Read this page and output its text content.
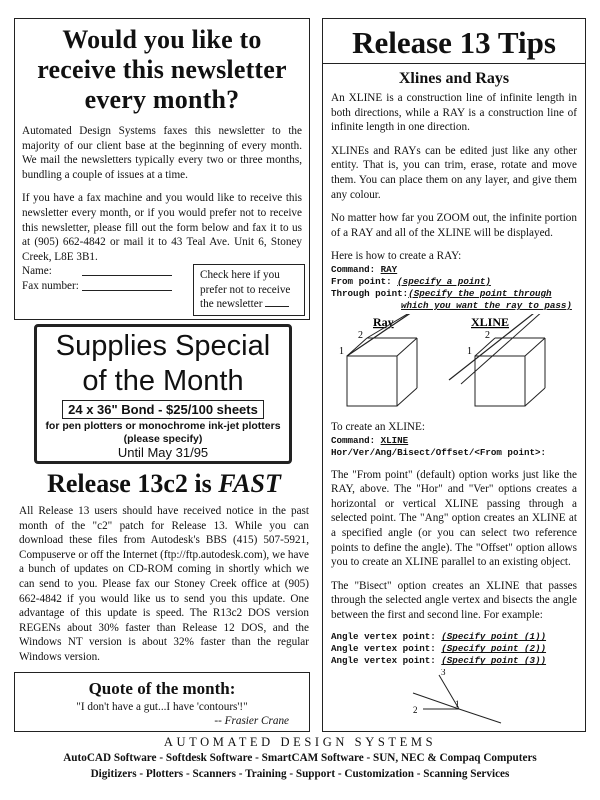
Would you like to
receive this newsletter
every month?
Automated Design Systems faxes this newsletter to the majority of our client base at the beginning of every month. We mail the newsletters typically every two or three months, bundling a couple of issues at a time.
If you have a fax machine and you would like to receive this newsletter every month, or if you would prefer not to receive this newsletter, please fill out the form below and fax it to us at (905) 662-4842 or mail it to 43 Teal Ave. Unit 6, Stoney Creek, L8E 3B1.
Name:
Fax number:
Check here if you prefer not to receive the newsletter
Supplies Special
of the Month
24 x 36" Bond - $25/100 sheets
for pen plotters or monochrome ink-jet plotters
(please specify)
Until May 31/95
Release 13c2 is FAST
All Release 13 users should have received notice in the past month of the "c2" patch for Release 13. While you can download these files from Autodesk's BBS (415) 507-5921, Compuserve or off the Internet (ftp://ftp.autodesk.com), we have a bunch of updates on CD-ROM coming in shortly which we can send to you. Please fax our Stoney Creek office at (905) 662-4842 if you would like us to send you this update. One advantage of this update is speed. The R13c2 DOS version REGENs about 30% faster than Release 12 DOS, and the Windows NT version is about 32% faster than the regular Windows version.
Quote of the month:
"I don't have a gut...I have 'contours'!"
-- Frasier Crane
Release 13 Tips
Xlines and Rays
An XLINE is a construction line of infinite length in both directions, while a RAY is a construction line of infinite length in one direction.
XLINEs and RAYs can be edited just like any other entity. That is, you can trim, erase, rotate and move them. You can place them on any layer, and give them any colour.
No matter how far you ZOOM out, the infinite portion of a RAY and all of the XLINE will be displayed.
Here is how to create a RAY:
Command: RAY
From point: (specify a point)
Through point:(Specify the point through
which you want the ray to pass)
Ray	XLINE
1
2
1
2
To create an XLINE:
Command: XLINE
Hor/Ver/Ang/Bisect/Offset/<From point>:
The "From point" (default) option works just like the RAY, above. The "Hor" and "Ver" options creates a horizontal or vertical XLINE passing through a selected point. The "Ang" option creates an XLINE at a specified angle (or you can select two reference points to define the angle). The "Offset" option allows you to create an XLINE parallel to an existing object.
The "Bisect" option creates an XLINE that passes through the selected angle vertex and bisects the angle between the first and second line. For example:
Angle vertex point: (Specify point (1))
Angle vertex point: (Specify point (2))
Angle vertex point: (Specify point (3))
3
2
1
AUTOMATED DESIGN SYSTEMS
AutoCAD Software - Softdesk Software - SmartCAM Software - SUN, NEC & Compaq Computers
Digitizers - Plotters - Scanners - Training - Support - Customization - Scanning Services
